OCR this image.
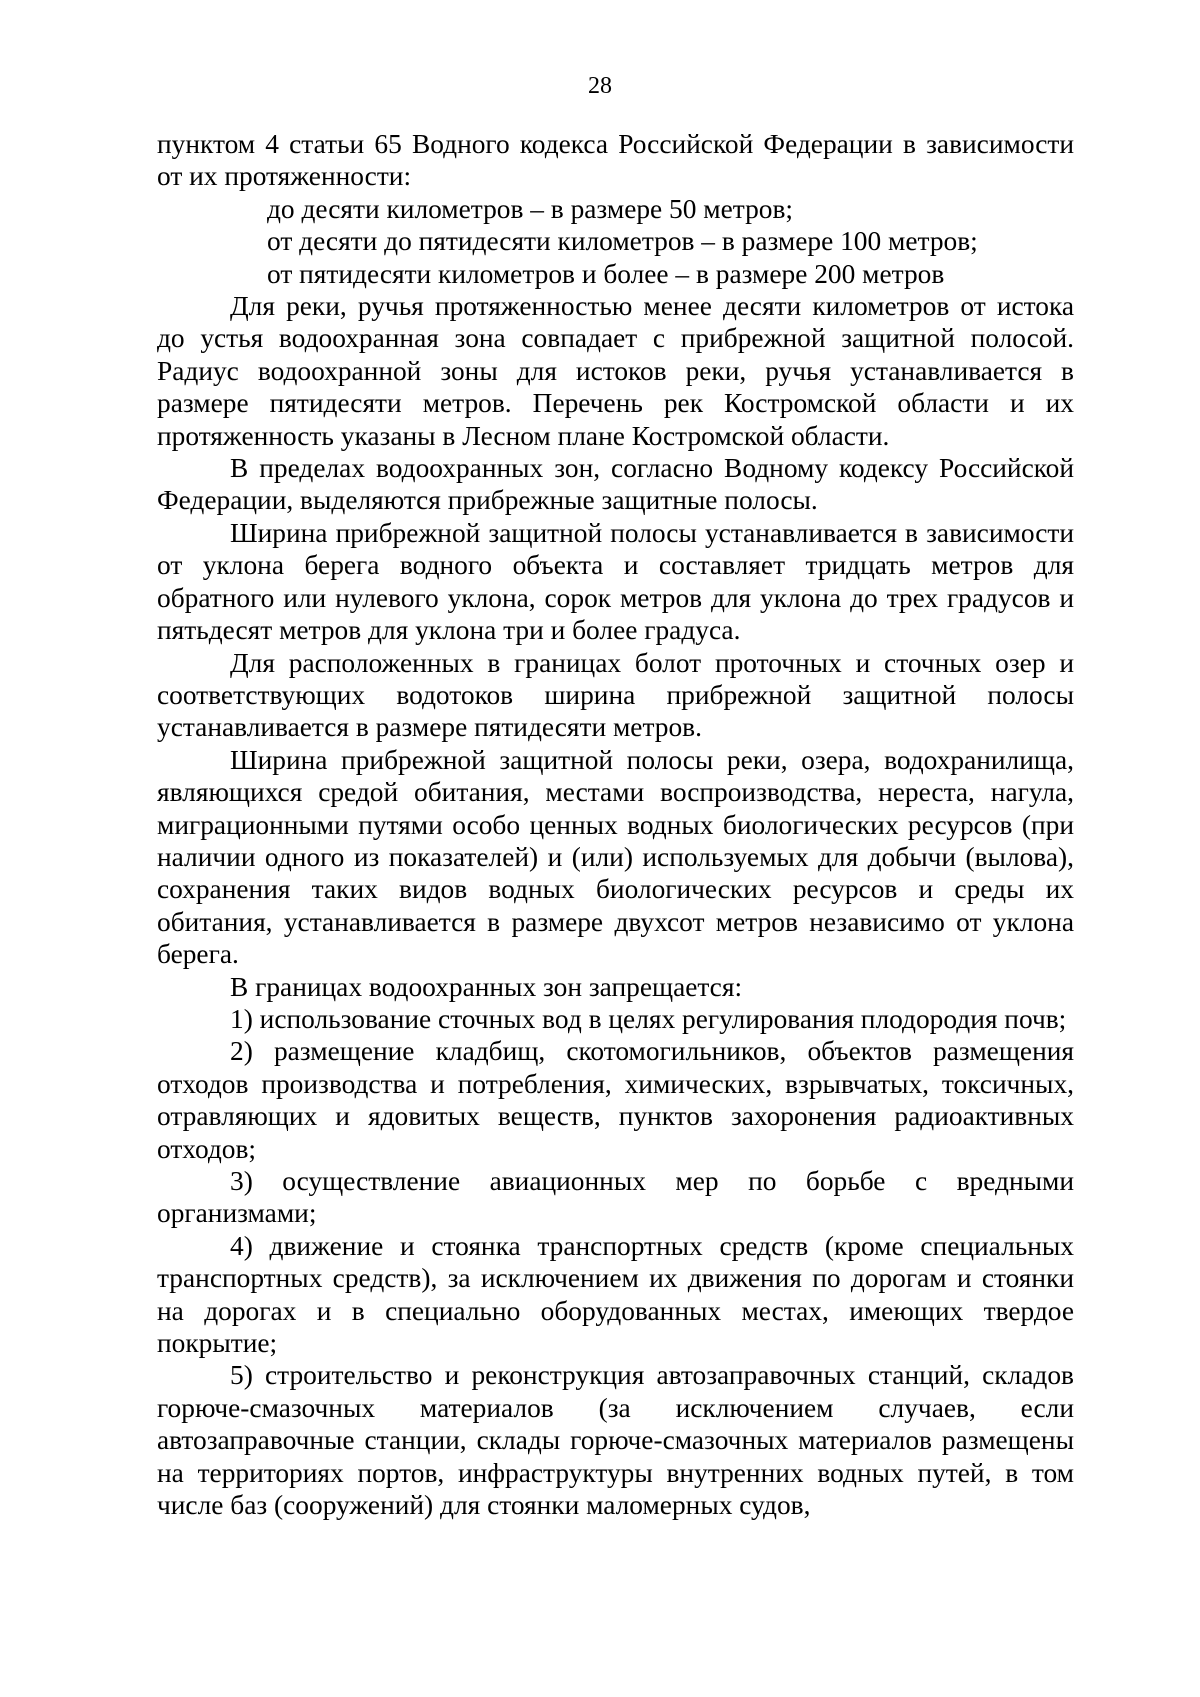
28

пунктом 4 статьи 65 Водного кодекса Российской Федерации в зависимости от их протяженности:

до десяти километров – в размере 50 метров;

от десяти до пятидесяти километров – в размере 100 метров;

от пятидесяти километров и более – в размере 200 метров

Для реки, ручья протяженностью менее десяти километров от истока до устья водоохранная зона совпадает с прибрежной защитной полосой. Радиус водоохранной зоны для истоков реки, ручья устанавливается в размере пятидесяти метров. Перечень рек Костромской области и их протяженность указаны в Лесном плане Костромской области.

В пределах водоохранных зон, согласно Водному кодексу Российской Федерации, выделяются прибрежные защитные полосы.

Ширина прибрежной защитной полосы устанавливается в зависимости от уклона берега водного объекта и составляет тридцать метров для обратного или нулевого уклона, сорок метров для уклона до трех градусов и пятьдесят метров для уклона три и более градуса.

Для расположенных в границах болот проточных и сточных озер и соответствующих водотоков ширина прибрежной защитной полосы устанавливается в размере пятидесяти метров.

Ширина прибрежной защитной полосы реки, озера, водохранилища, являющихся средой обитания, местами воспроизводства, нереста, нагула, миграционными путями особо ценных водных биологических ресурсов (при наличии одного из показателей) и (или) используемых для добычи (вылова), сохранения таких видов водных биологических ресурсов и среды их обитания, устанавливается в размере двухсот метров независимо от уклона берега.

В границах водоохранных зон запрещается:

1) использование сточных вод в целях регулирования плодородия почв;

2) размещение кладбищ, скотомогильников, объектов размещения отходов производства и потребления, химических, взрывчатых, токсичных, отравляющих и ядовитых веществ, пунктов захоронения радиоактивных отходов;

3) осуществление авиационных мер по борьбе с вредными организмами;

4) движение и стоянка транспортных средств (кроме специальных транспортных средств), за исключением их движения по дорогам и стоянки на дорогах и в специально оборудованных местах, имеющих твердое покрытие;

5) строительство и реконструкция автозаправочных станций, складов горюче-смазочных материалов (за исключением случаев, если автозаправочные станции, склады горюче-смазочных материалов размещены на территориях портов, инфраструктуры внутренних водных путей, в том числе баз (сооружений) для стоянки маломерных судов,
